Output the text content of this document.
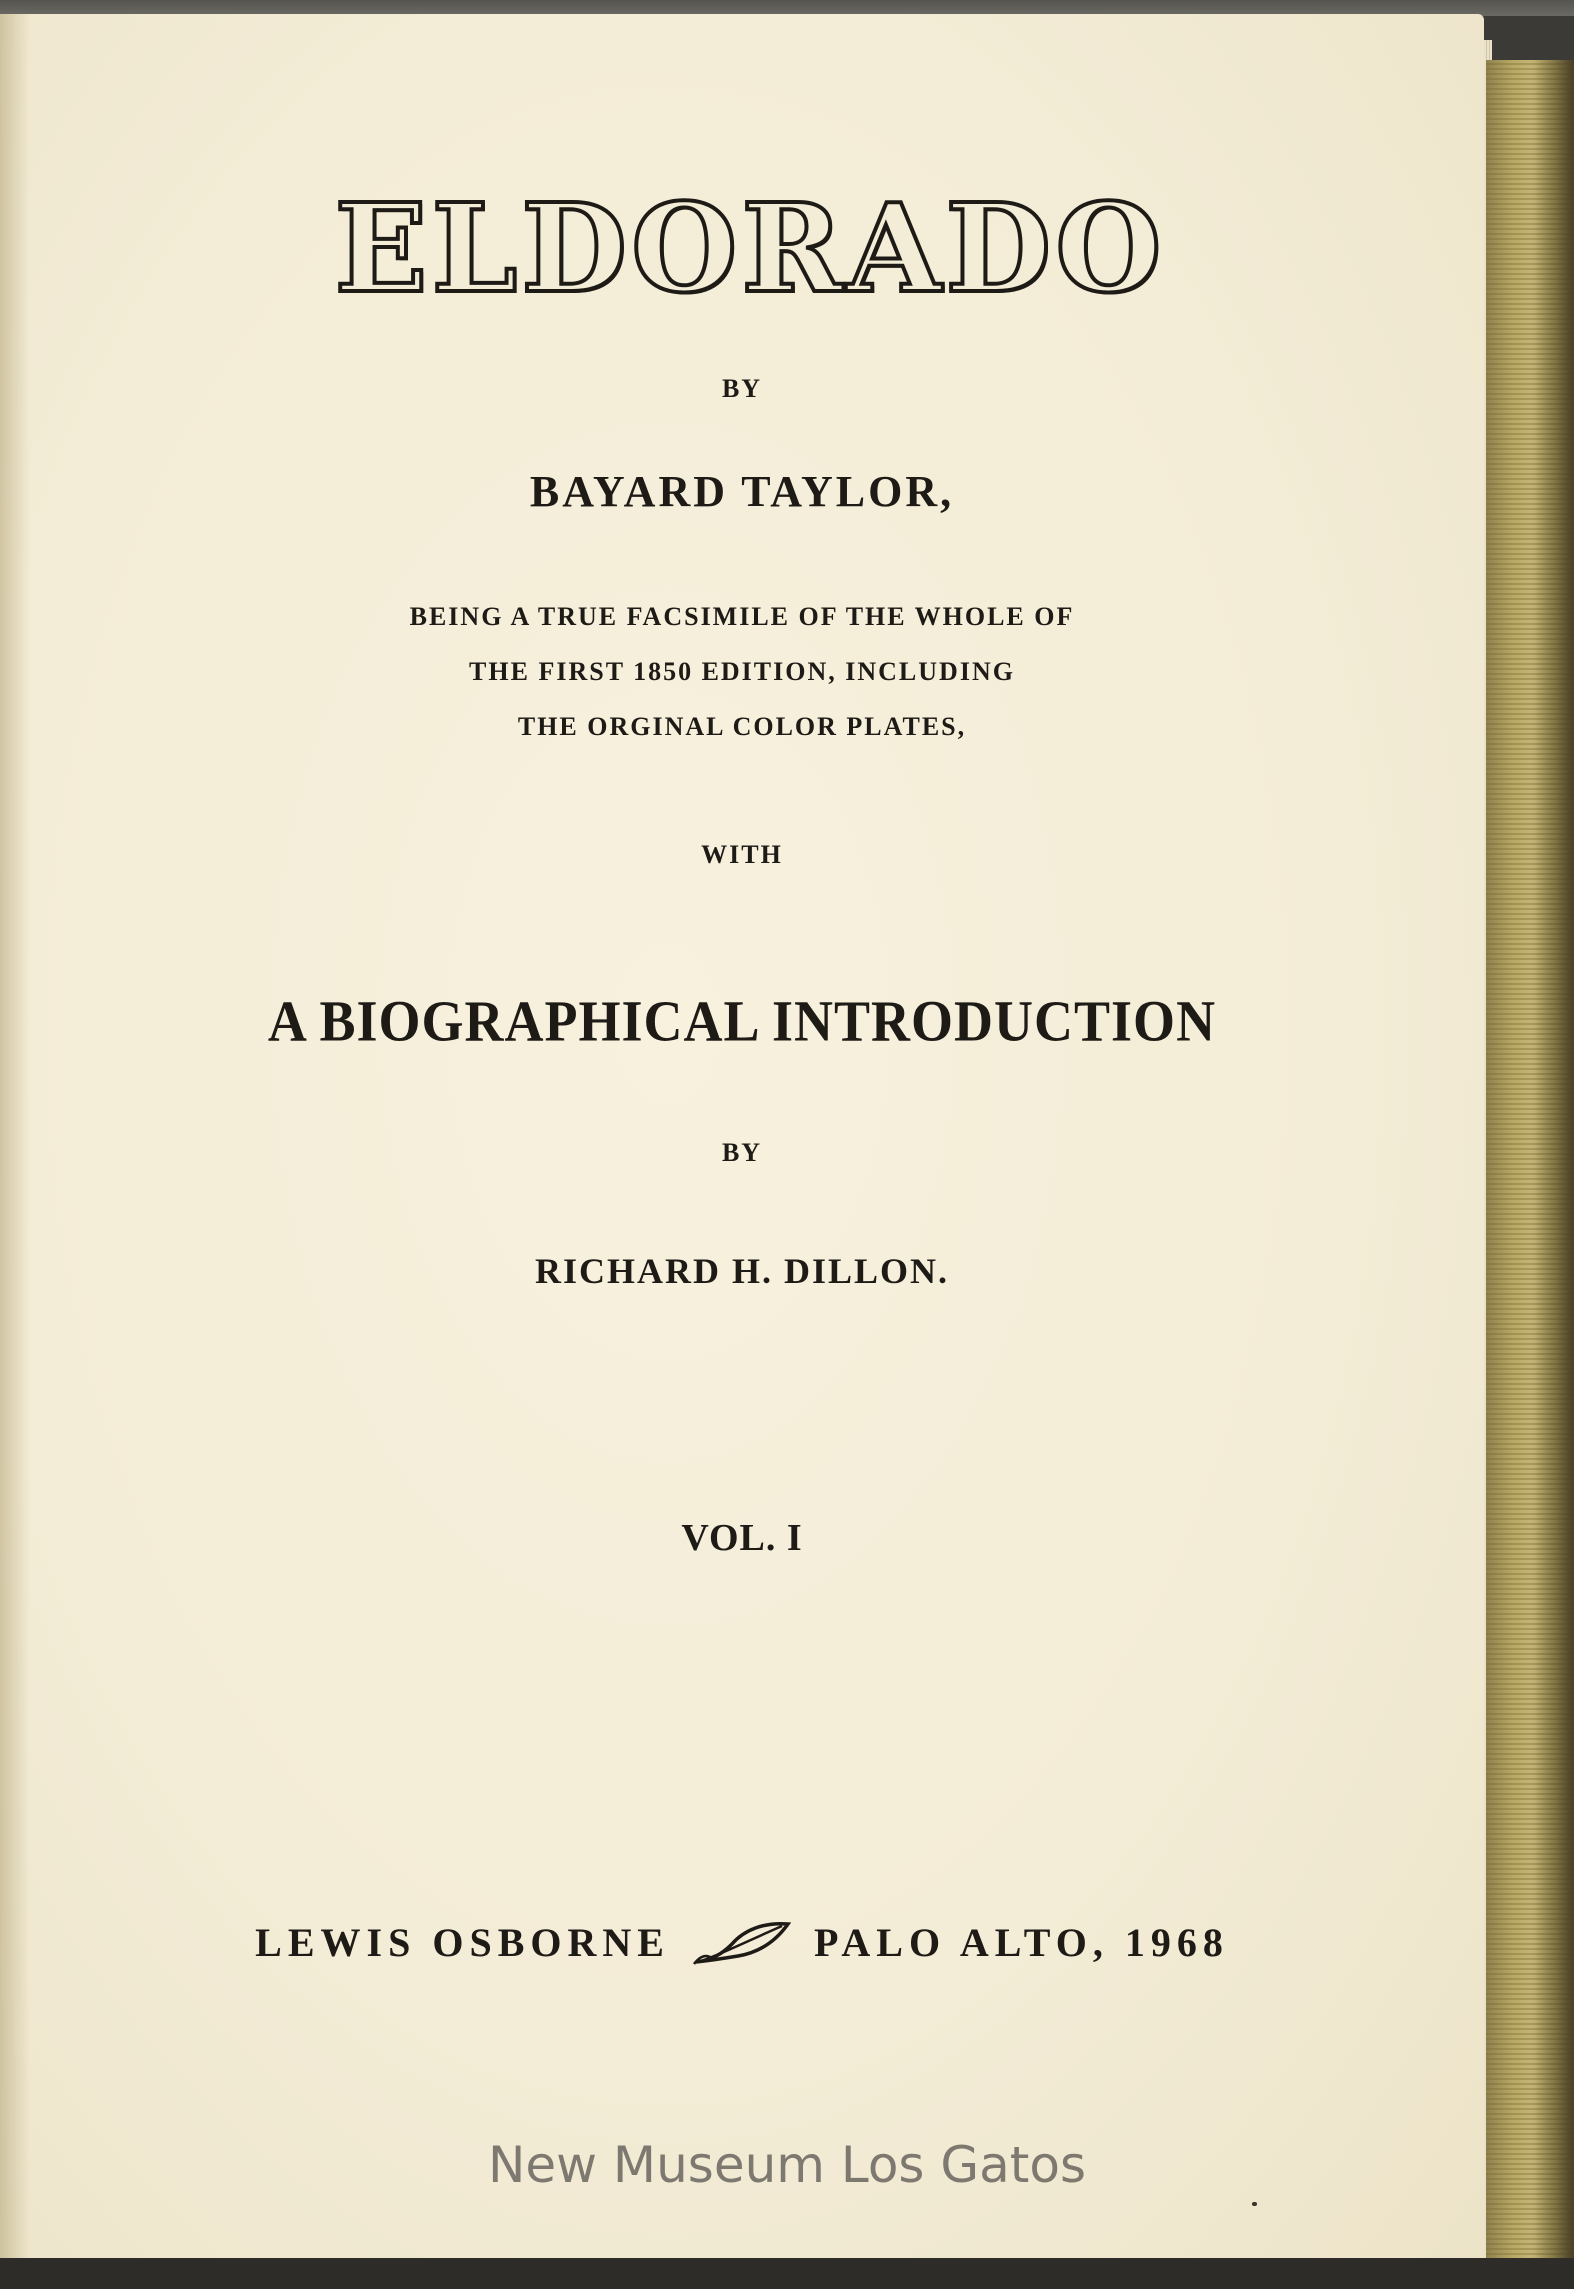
ELDORADO
BY
BAYARD TAYLOR,
BEING A TRUE FACSIMILE OF THE WHOLE OF
THE FIRST 1850 EDITION, INCLUDING
THE ORGINAL COLOR PLATES,
WITH
A BIOGRAPHICAL INTRODUCTION
BY
RICHARD H. DILLON.
VOL. I
LEWIS OSBORNE	PALO ALTO, 1968
New Museum Los Gatos
